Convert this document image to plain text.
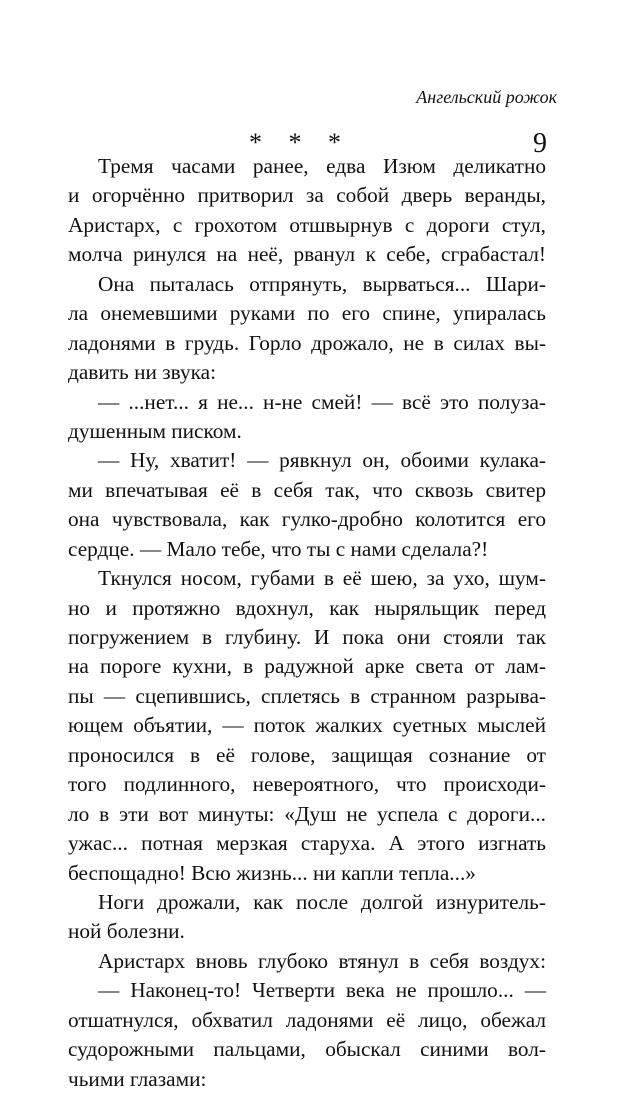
Ангельский рожок
* * *	9
Тремя часами ранее, едва Изюм деликатно
и огорчённо притворил за собой дверь веранды,
Аристарх, с грохотом отшвырнув с дороги стул,
молча ринулся на неё, рванул к себе, сграбастал!
Она пыталась отпрянуть, вырваться... Шари-
ла онемевшими руками по его спине, упиралась
ладонями в грудь. Горло дрожало, не в силах вы-
давить ни звука:
— ...нет... я не... н-не смей! — всё это полуза-
душенным писком.
— Ну, хватит! — рявкнул он, обоими кулака-
ми впечатывая её в себя так, что сквозь свитер
она чувствовала, как гулко-дробно колотится его
сердце. — Мало тебе, что ты с нами сделала?!
Ткнулся носом, губами в её шею, за ухо, шум-
но и протяжно вдохнул, как ныряльщик перед
погружением в глубину. И пока они стояли так
на пороге кухни, в радужной арке света от лам-
пы — сцепившись, сплетясь в странном разрыва-
ющем объятии, — поток жалких суетных мыслей
проносился в её голове, защищая сознание от
того подлинного, невероятного, что происходи-
ло в эти вот минуты: «Душ не успела с дороги...
ужас... потная мерзкая старуха. А этого изгнать
беспощадно! Всю жизнь... ни капли тепла...»
Ноги дрожали, как после долгой изнуритель-
ной болезни.
Аристарх вновь глубоко втянул в себя воздух:
— Наконец-то! Четверти века не прошло... —
отшатнулся, обхватил ладонями её лицо, обежал
судорожными пальцами, обыскал синими вол-
чьими глазами:
